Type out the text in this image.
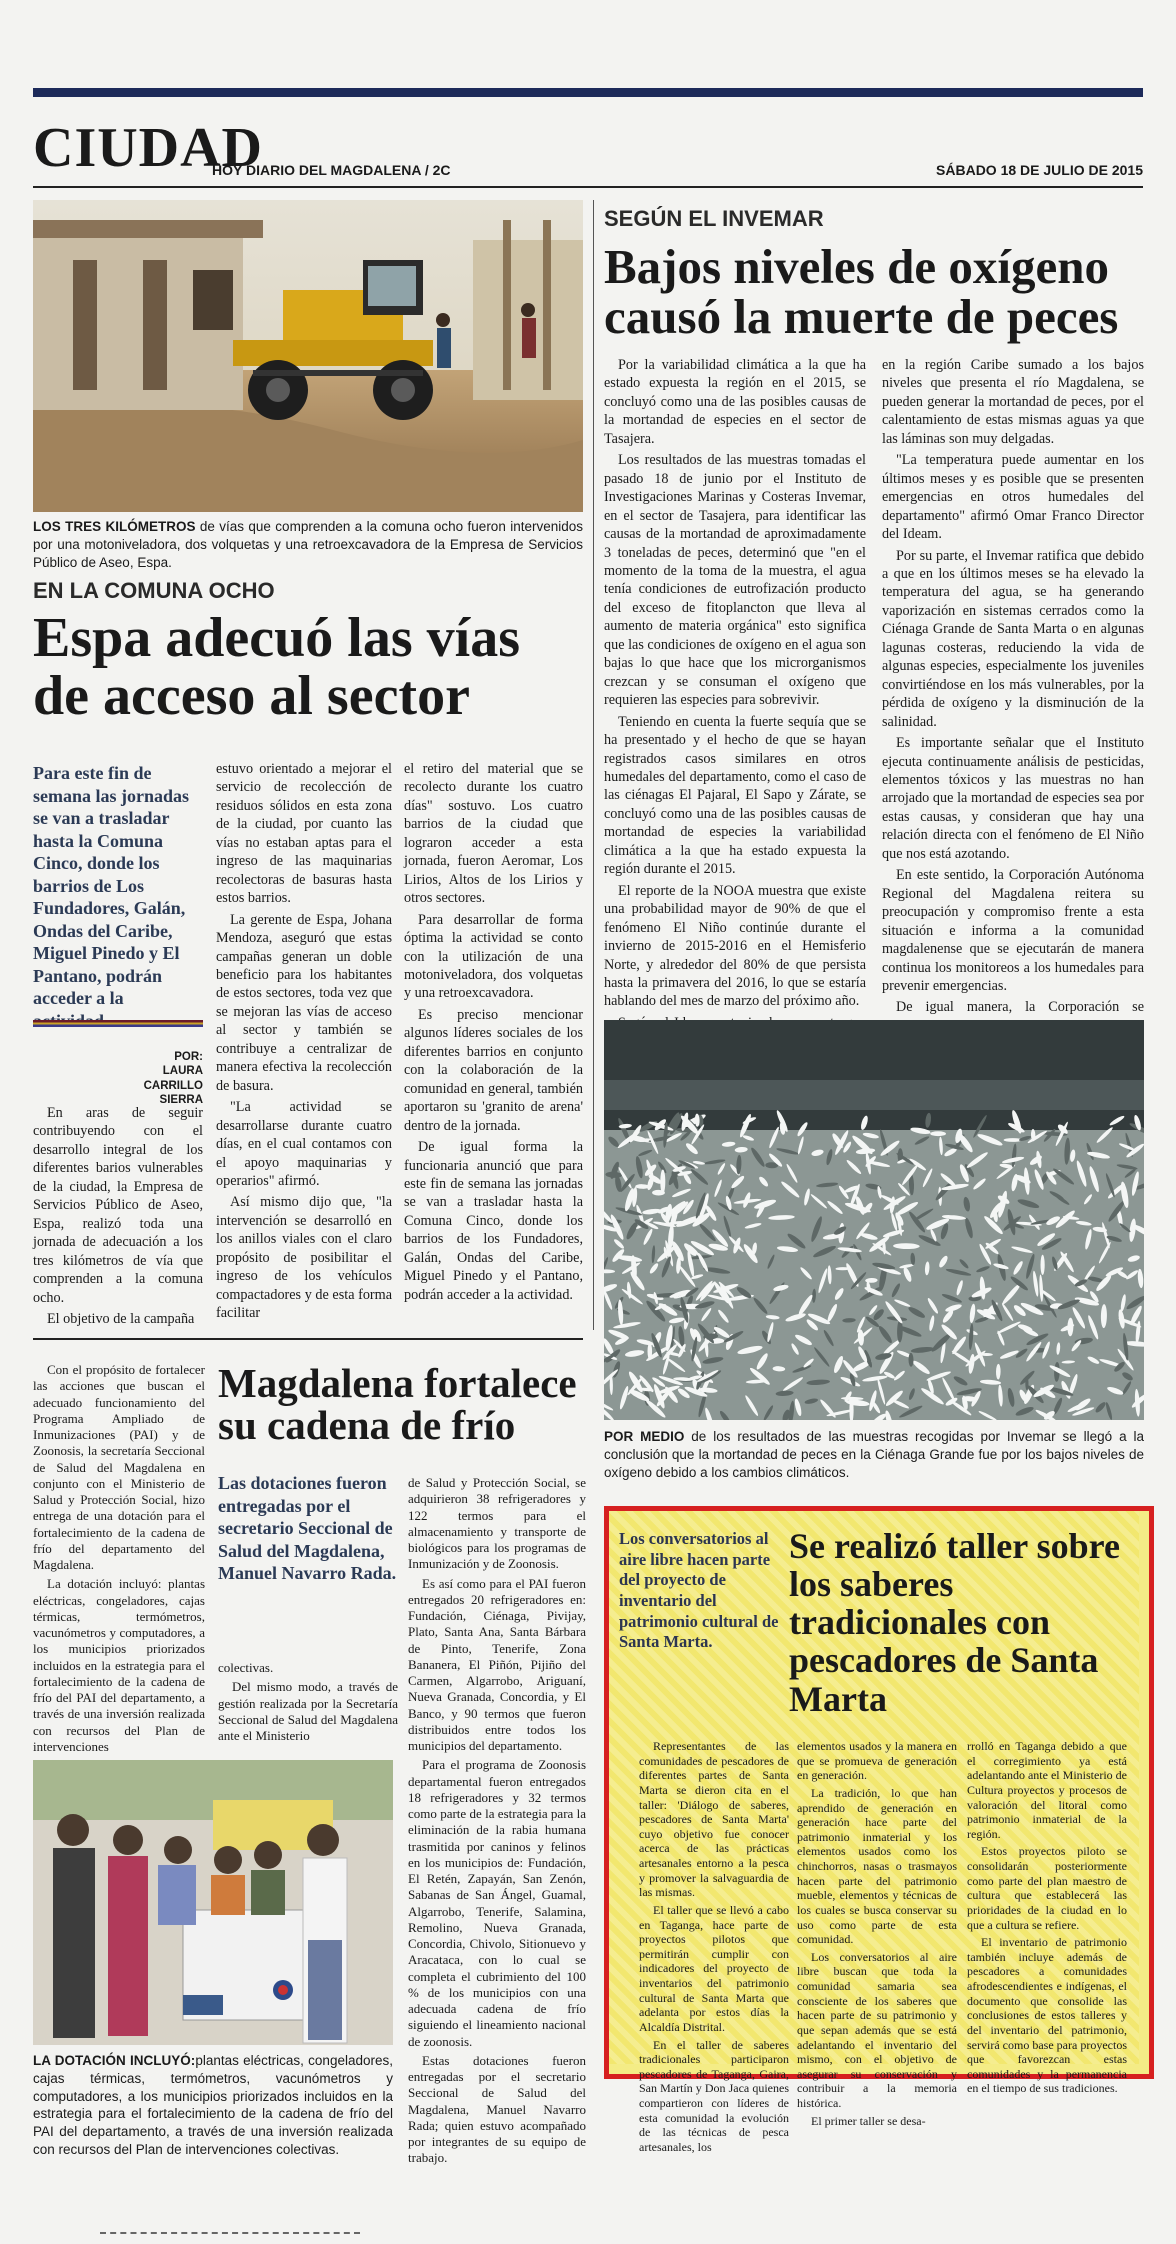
CIUDAD
HOY DIARIO DEL MAGDALENA / 2C	SÁBADO 18 DE JULIO DE 2015
LOS TRES KILÓMETROS de vías que comprenden a la comuna ocho fueron intervenidos por una motoniveladora, dos volquetas y una retroexcavadora de la Empresa de Servicios Público de Aseo, Espa.
EN LA COMUNA OCHO
Espa adecuó las vías de acceso al sector
Para este fin de semana las jornadas se van a trasladar hasta la Comuna Cinco, donde los barrios de Los Fundadores, Galán, Ondas del Caribe, Miguel Pinedo y El Pantano, podrán acceder a la
POR:
LAURA CARRILLO SIERRA

En aras de seguir contribuyendo con el desarrollo integral de los diferentes barios vulnerables de la ciudad, la Empresa de Servicios Público de Aseo, Espa, realizó toda una jornada de adecuación a los tres kilómetros de vía que comprenden a la comuna ocho.

El objetivo de la campaña

estuvo orientado a mejorar el servicio de recolección de residuos sólidos en esta zona de la ciudad, por cuanto las vías no estaban aptas para el ingreso de las maquinarias recolectoras de basuras hasta estos barrios.

La gerente de Espa, Johana Mendoza, aseguró que estas campañas generan un doble beneficio para los habitantes de estos sectores, toda vez que se mejoran las vías de acceso al sector y también se contribuye a centralizar de manera efectiva la recolección de basura.

"La actividad se desarrollarse durante cuatro días, en el cual contamos con el apoyo maquinarias y operarios" afirmó.

Así mismo dijo que, "la intervención se desarrolló en los anillos viales con el claro propósito de posibilitar el ingreso de los vehículos compactadores y de esta forma facilitar

el retiro del material que se recolecto durante los cuatro días" sostuvo. Los cuatro barrios de la ciudad que lograron acceder a esta jornada, fueron Aeromar, Los Lirios, Altos de los Lirios y otros sectores.

Para desarrollar de forma óptima la actividad se conto con la utilización de una motoniveladora, dos volquetas y una retroexcavadora.

Es preciso mencionar algunos líderes sociales de los diferentes barrios en conjunto con la colaboración de la comunidad en general, también aportaron su 'granito de arena' dentro de la jornada.

De igual forma la funcionaria anunció que para este fin de semana las jornadas se van a trasladar hasta la Comuna Cinco, donde los barrios de los Fundadores, Galán, Ondas del Caribe, Miguel Pinedo y el Pantano, podrán acceder a la actividad.

SEGÚN EL INVEMAR
Bajos niveles de oxígeno causó la muerte de peces

Por la variabilidad climática a la que ha estado expuesta la región en el 2015, se concluyó como una de las posibles causas de la mortandad de especies en el sector de Tasajera.

Los resultados de las muestras tomadas el pasado 18 de junio por el Instituto de Investigaciones Marinas y Costeras Invemar, en el sector de Tasajera, para identificar las causas de la mortandad de aproximadamente 3 toneladas de peces, determinó que "en el momento de la toma de la muestra, el agua tenía condiciones de eutrofización producto del exceso de fitoplancton que lleva al aumento de materia orgánica" esto significa que las condiciones de oxígeno en el agua son bajas lo que hace que los microrganismos crezcan y se consuman el oxígeno que requieren las especies para sobrevivir.

Teniendo en cuenta la fuerte sequía que se ha presentado y el hecho de que se hayan registrados casos similares en otros humedales del departamento, como el caso de las ciénagas El Pajaral, El Sapo y Zárate, se concluyó como una de las posibles causas de mortandad de especies la variabilidad climática a la que ha estado expuesta la región durante el 2015.

El reporte de la NOOA muestra que existe una probabilidad mayor de 90% de que el fenómeno El Niño continúe durante el invierno de 2015-2016 en el Hemisferio Norte, y alrededor del 80% de que persista hasta la primavera del 2016, lo que se estaría hablando del mes de marzo del próximo año.

en la región Caribe sumado a los bajos niveles que presenta el río Magdalena, se pueden generar la mortandad de peces, por el calentamiento de estas mismas aguas ya que las láminas son muy delgadas.

"La temperatura puede aumentar en los últimos meses y es posible que se presenten emergencias en otros humedales del departamento" afirmó Omar Franco Director del Ideam.

Por su parte, el Invemar ratifica que debido a que en los últimos meses se ha elevado la temperatura del agua, se ha generando vaporización en sistemas cerrados como la Ciénaga Grande de Santa Marta o en algunas lagunas costeras, reduciendo la vida de algunas especies, especialmente los juveniles convirtiéndose en los más vulnerables, por la pérdida de oxígeno y la disminución de la salinidad.

Es importante señalar que el Instituto ejecuta continuamente análisis de pesticidas, elementos tóxicos y las muestras no han arrojado que la mortandad de especies sea por estas causas, y consideran que hay una relación directa con el fenómeno de El Niño que nos está azotando.

En este sentido, la Corporación Autónoma Regional del Magdalena reitera su preocupación y compromiso frente a esta situación e informa a la comunidad magdalenense que se ejecutarán de manera continua los monitoreos a los humedales para prevenir emergencias.

De igual manera, la Corporación se

POR MEDIO de los resultados de las muestras recogidas por Invemar se llegó a la conclusión que la mortandad de peces en la Ciénaga Grande fue por los bajos niveles de oxígeno debido a los cambios climáticos.
Magdalena fortalece su cadena de frío
Las dotaciones fueron entregadas por el secretario Seccional de Salud del Magdalena, Manuel Navarro Rada.

Con el propósito de fortalecer las acciones que buscan el adecuado funcionamiento del Programa Ampliado de Inmunizaciones (PAI) y de Zoonosis, la secretaría Seccional de Salud del Magdalena en conjunto con el Ministerio de Salud y Protección Social, hizo entrega de una dotación para el fortalecimiento de la cadena de frío del departamento del Magdalena.

La dotación incluyó: plantas eléctricas, congeladores, cajas térmicas, termómetros, vacunómetros y computadores, a los municipios priorizados incluidos en la estrategia para el fortalecimiento de la cadena de frío del PAI del departamento, a través de una inversión realizada con recursos del Plan de intervenciones

colectivas.

Del mismo modo, a través de gestión realizada por la Secretaría Seccional de Salud del Magdalena ante el Ministerio

de Salud y Protección Social, se adquirieron 38 refrigeradores y 122 termos para el almacenamiento y transporte de biológicos para los programas de Inmunización y de Zoonosis.

Es así como para el PAI fueron entregados 20 refrigeradores en: Fundación, Ciénaga, Pivijay, Plato, Santa Ana, Santa Bárbara de Pinto, Tenerife, Zona Bananera, El Piñón, Pijiño del Carmen, Algarrobo, Ariguaní, Nueva Granada, Concordia, y El Banco, y 90 termos que fueron distribuidos entre todos los municipios del departamento.

Para el programa de Zoonosis departamental fueron entregados 18 refrigeradores y 32 termos como parte de la estrategia para la eliminación de la rabia humana trasmitida por caninos y felinos en los municipios de: Fundación, El Retén, Zapayán, San Zenón, Sabanas de San Ángel, Guamal, Algarrobo, Tenerife, Salamina, Remolino, Nueva Granada, Concordia, Chivolo, Sitionuevo y Aracataca, con lo cual se completa el cubrimiento del 100 % de los municipios con una adecuada cadena de frío siguiendo el lineamiento nacional de zoonosis.

Estas dotaciones fueron entregadas por el secretario Seccional de Salud del Magdalena, Manuel Navarro Rada; quien estuvo acompañado por integrantes de su equipo de trabajo.

LA DOTACIÓN INCLUYÓ:plantas eléctricas, congeladores, cajas térmicas, termómetros, vacunómetros y computadores, a los municipios priorizados incluidos en la estrategia para el fortalecimiento de la cadena de frío del PAI del departamento, a través de una inversión realizada con recursos del Plan de intervenciones colectivas.
Los conversatorios al aire libre hacen parte del proyecto de inventario del patrimonio cultural de Santa Marta.
Se realizó taller sobre los saberes tradicionales con pescadores de Santa Marta

Representantes de las comunidades de pescadores de diferentes partes de Santa Marta se dieron cita en el taller: 'Diálogo de saberes, pescadores de Santa Marta' cuyo objetivo fue conocer acerca de las prácticas artesanales entorno a la pesca y promover la salvaguardia de las mismas.

El taller que se llevó a cabo en Taganga, hace parte de proyectos pilotos que permitirán cumplir con indicadores del proyecto de inventarios del patrimonio cultural de Santa Marta que adelanta por estos días la Alcaldía Distrital.

En el taller de saberes tradicionales participaron pescadores de Taganga, Gaira, San Martín y Don Jaca quienes compartieron con líderes de esta comunidad la evolución de las técnicas de pesca artesanales, los

elementos usados y la manera en que se promueva de generación en generación.

La tradición, lo que han aprendido de generación en generación hace parte del patrimonio inmaterial y los elementos usados como los chinchorros, nasas o trasmayos hacen parte del patrimonio mueble, elementos y técnicas de los cuales se busca conservar su uso como parte de esta comunidad.

Los conversatorios al aire libre buscan que toda la comunidad samaria sea consciente de los saberes que hacen parte de su patrimonio y que sepan además que se está adelantando el inventario del mismo, con el objetivo de asegurar su conservación y contribuir a la memoria histórica.

El primer taller se desa-

rrolló en Taganga debido a que el corregimiento ya está adelantando ante el Ministerio de Cultura proyectos y procesos de valoración del litoral como patrimonio inmaterial de la región.

Estos proyectos piloto se consolidarán posteriormente como parte del plan maestro de cultura que establecerá las prioridades de la ciudad en lo que a cultura se refiere.

El inventario de patrimonio también incluye además de pescadores a comunidades afrodescendientes e indígenas, el documento que consolide las conclusiones de estos talleres y del inventario del patrimonio, servirá como base para proyectos que favorezcan estas comunidades y la permanencia en el tiempo de sus tradiciones.
